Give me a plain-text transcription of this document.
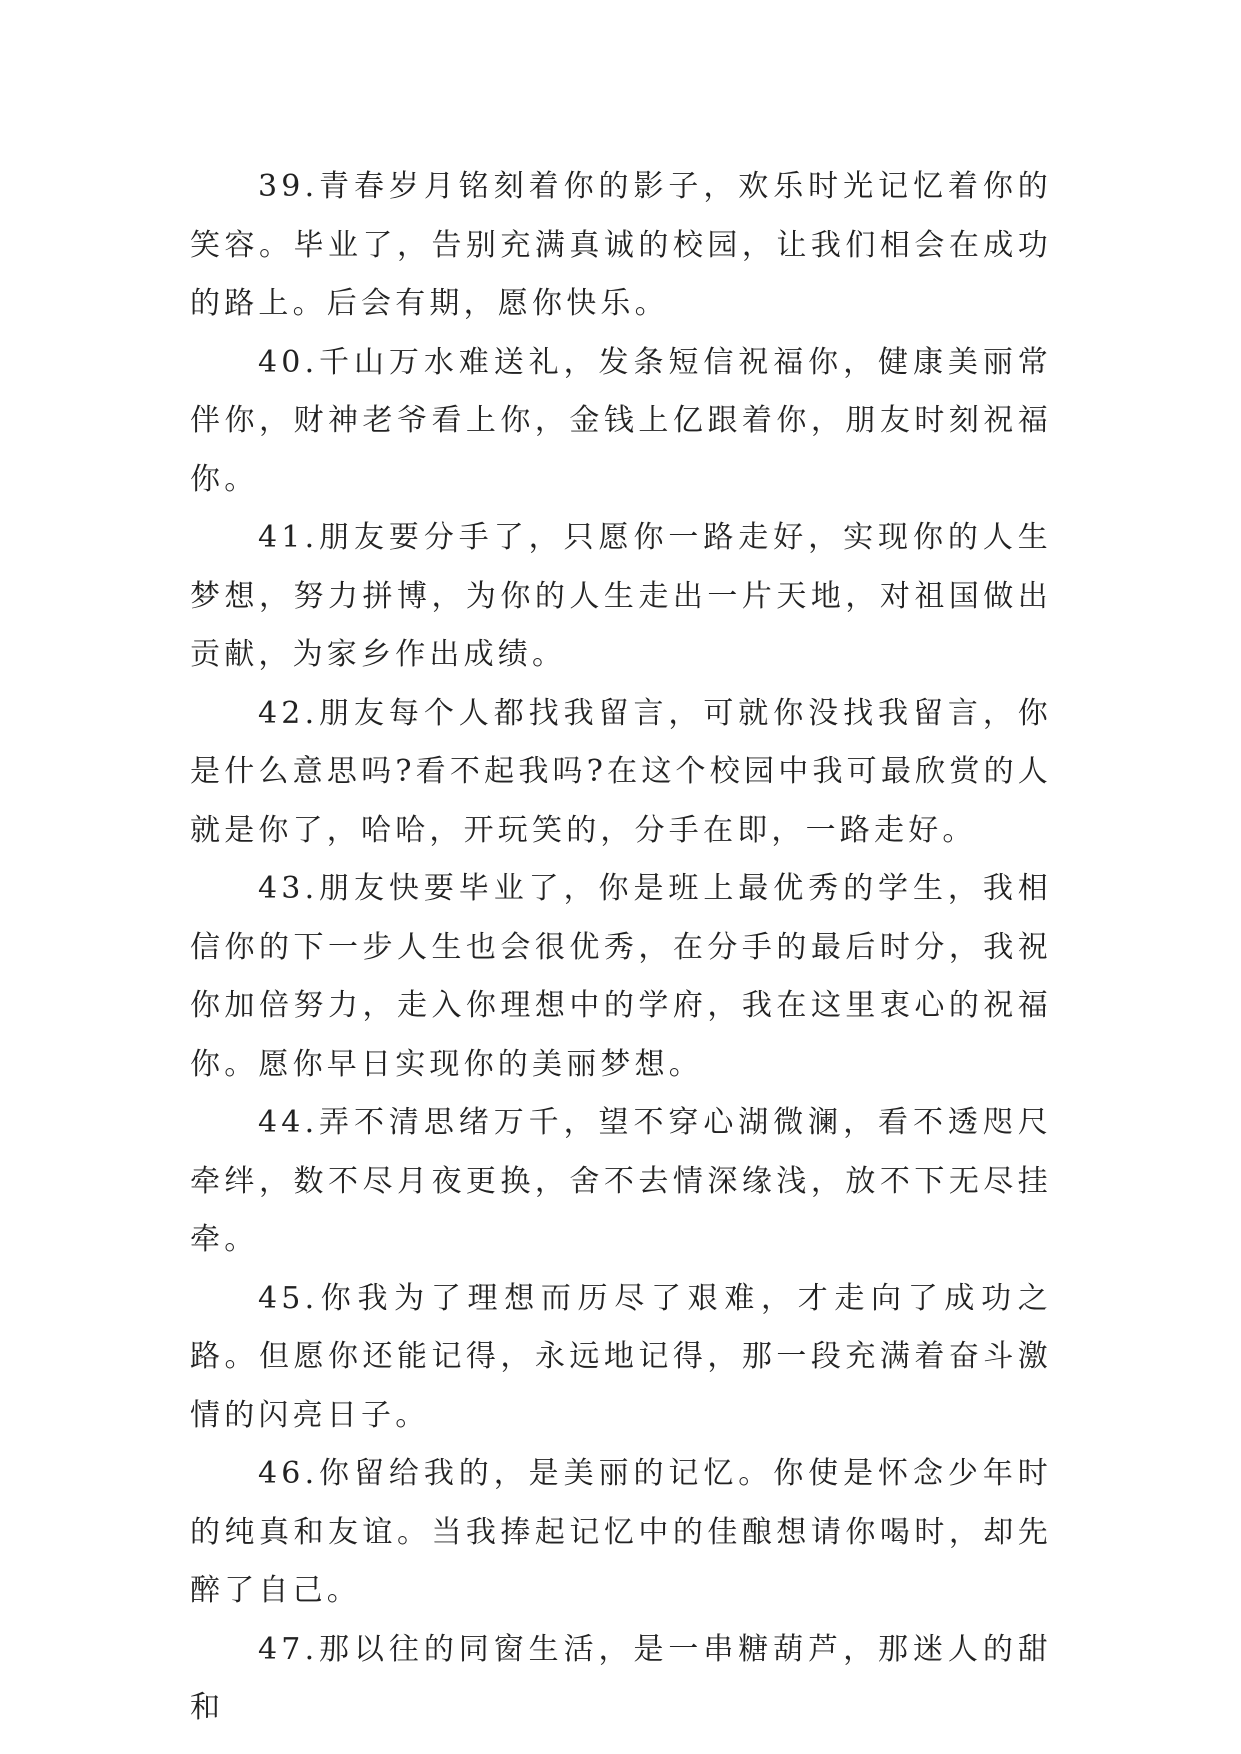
39.青春岁月铭刻着你的影子，欢乐时光记忆着你的笑容。毕业了，告别充满真诚的校园，让我们相会在成功的路上。后会有期，愿你快乐。

40.千山万水难送礼，发条短信祝福你，健康美丽常伴你，财神老爷看上你，金钱上亿跟着你，朋友时刻祝福你。

41.朋友要分手了，只愿你一路走好，实现你的人生梦想，努力拼博，为你的人生走出一片天地，对祖国做出贡献，为家乡作出成绩。

42.朋友每个人都找我留言，可就你没找我留言，你是什么意思吗?看不起我吗?在这个校园中我可最欣赏的人就是你了，哈哈，开玩笑的，分手在即，一路走好。

43.朋友快要毕业了，你是班上最优秀的学生，我相信你的下一步人生也会很优秀，在分手的最后时分，我祝你加倍努力，走入你理想中的学府，我在这里衷心的祝福你。愿你早日实现你的美丽梦想。

44.弄不清思绪万千，望不穿心湖微澜，看不透咫尺牵绊，数不尽月夜更换，舍不去情深缘浅，放不下无尽挂牵。

45.你我为了理想而历尽了艰难，才走向了成功之路。但愿你还能记得，永远地记得，那一段充满着奋斗激情的闪亮日子。

46.你留给我的，是美丽的记忆。你使是怀念少年时的纯真和友谊。当我捧起记忆中的佳酿想请你喝时，却先醉了自己。

47.那以往的同窗生活，是一串糖葫芦，那迷人的甜和
